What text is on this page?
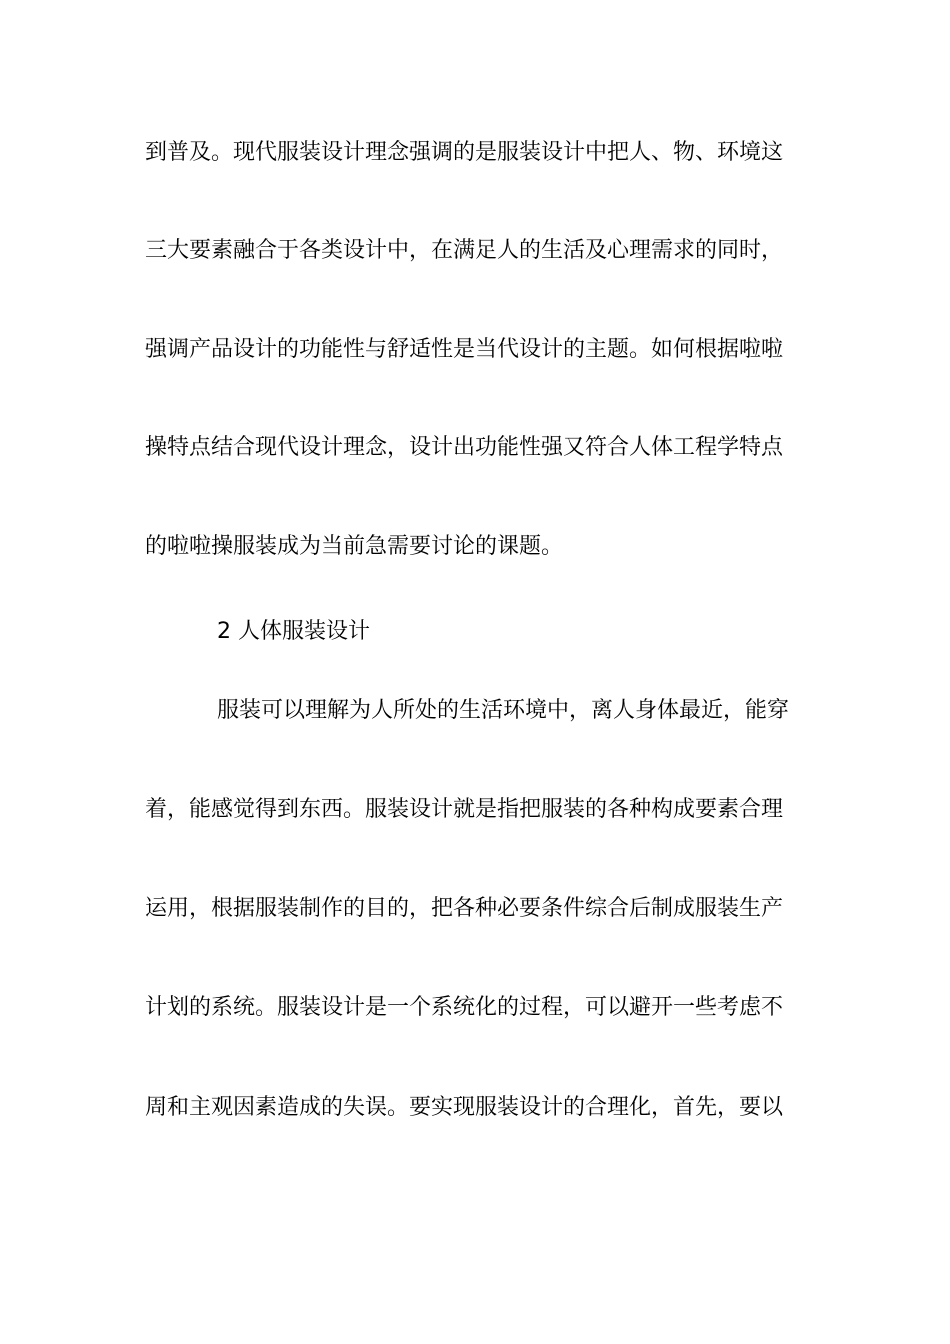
到普及。现代服装设计理念强调的是服装设计中把人、物、环境这
三大要素融合于各类设计中，在满足人的生活及心理需求的同时，
强调产品设计的功能性与舒适性是当代设计的主题。如何根据啦啦
操特点结合现代设计理念，设计出功能性强又符合人体工程学特点
的啦啦操服装成为当前急需要讨论的课题。
2 人体服装设计
服装可以理解为人所处的生活环境中，离人身体最近，能穿
着，能感觉得到东西。服装设计就是指把服装的各种构成要素合理
运用，根据服装制作的目的，把各种必要条件综合后制成服装生产
计划的系统。服装设计是一个系统化的过程，可以避开一些考虑不
周和主观因素造成的失误。要实现服装设计的合理化，首先，要以
